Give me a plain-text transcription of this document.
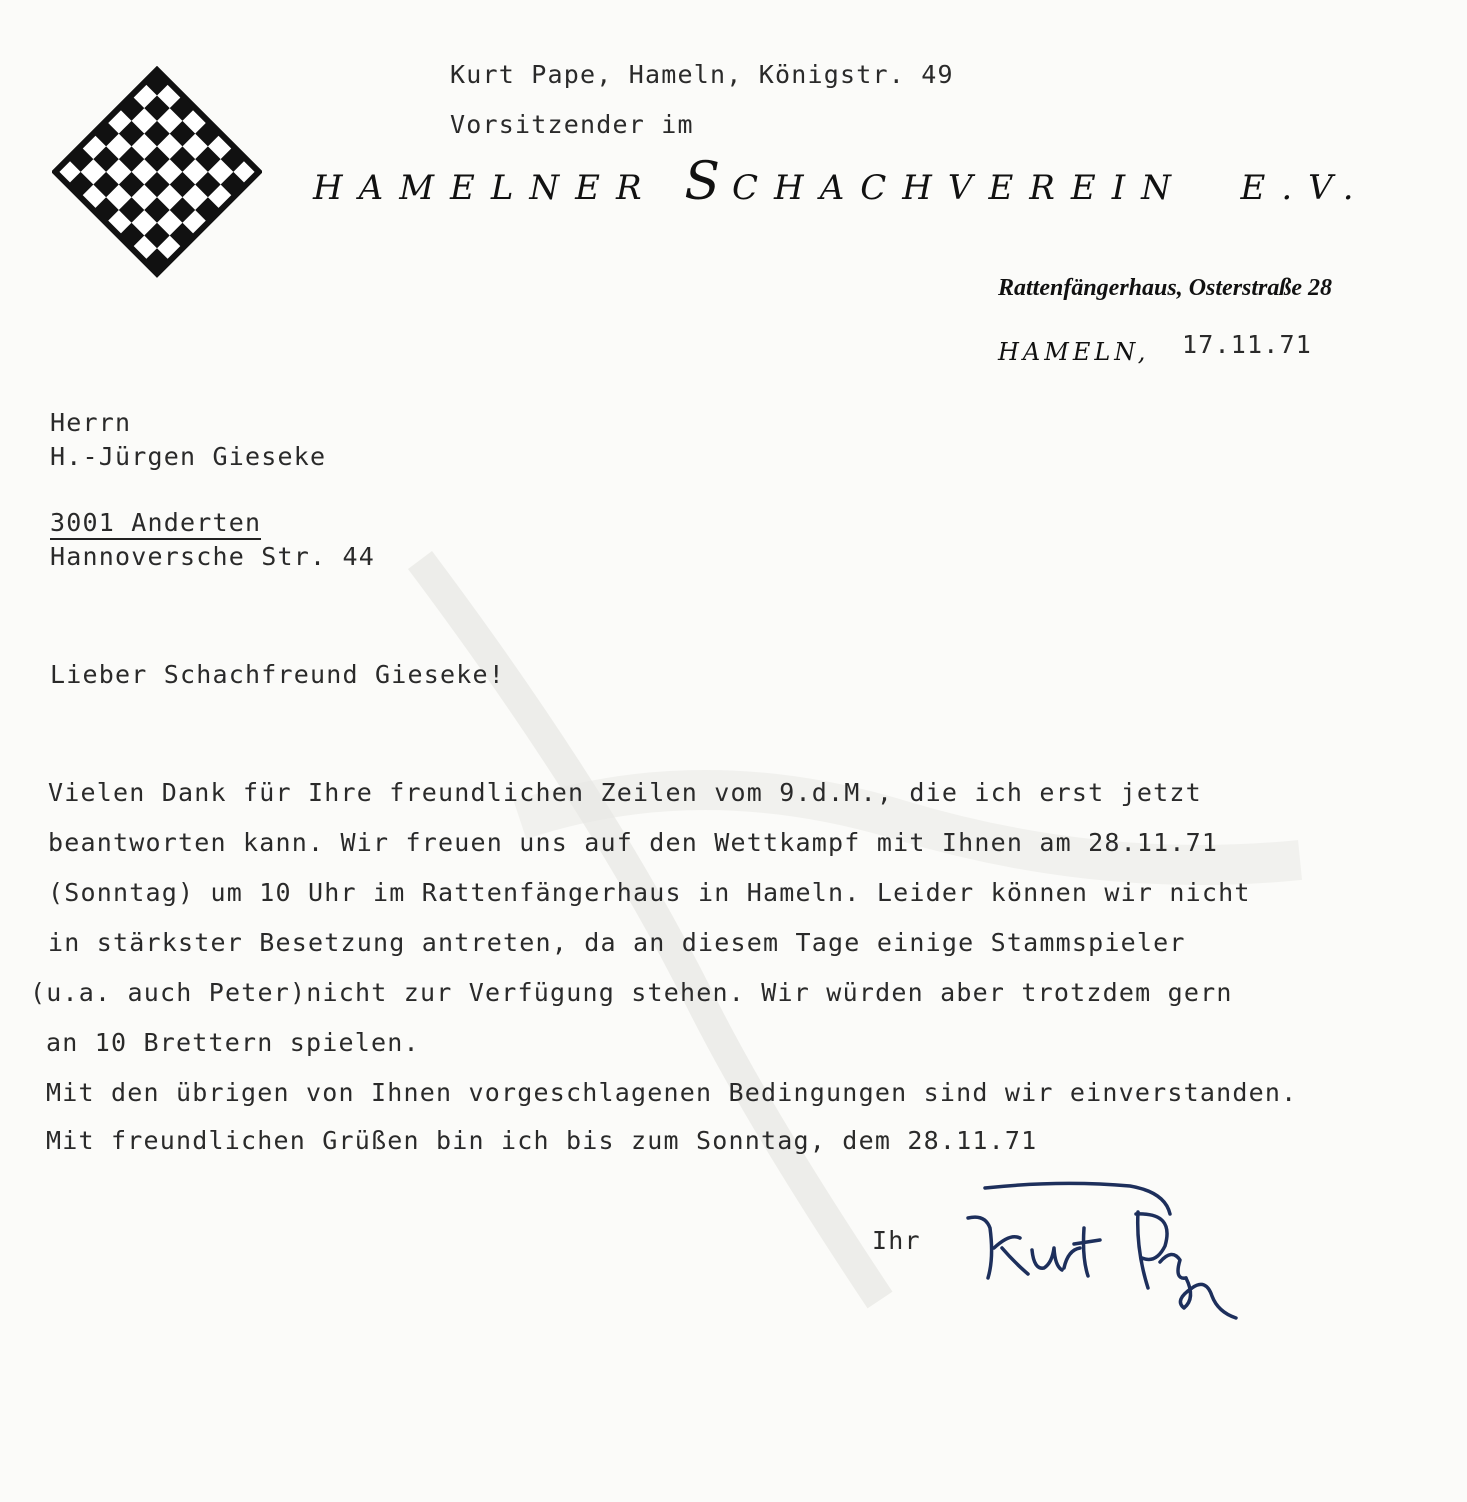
Kurt Pape, Hameln, Königstr. 49
Vorsitzender im
HAMELNER SCHACHVEREIN E.V.
Rattenfängerhaus, Osterstraße 28
HAMELN, 17.11.71
Herrn
H.-Jürgen Gieseke
3001 Anderten
Hannoversche Str. 44
Lieber Schachfreund Gieseke!
Vielen Dank für Ihre freundlichen Zeilen vom 9.d.M., die ich erst jetzt
beantworten kann. Wir freuen uns auf den Wettkampf mit Ihnen am 28.11.71
(Sonntag) um 10 Uhr im Rattenfängerhaus in Hameln. Leider können wir nicht
in stärkster Besetzung antreten, da an diesem Tage einige Stammspieler
(u.a. auch Peter)nicht zur Verfügung stehen. Wir würden aber trotzdem gern
an 10 Brettern spielen.
Mit den übrigen von Ihnen vorgeschlagenen Bedingungen sind wir einverstanden.
Mit freundlichen Grüßen bin ich bis zum Sonntag, dem 28.11.71
Ihr
